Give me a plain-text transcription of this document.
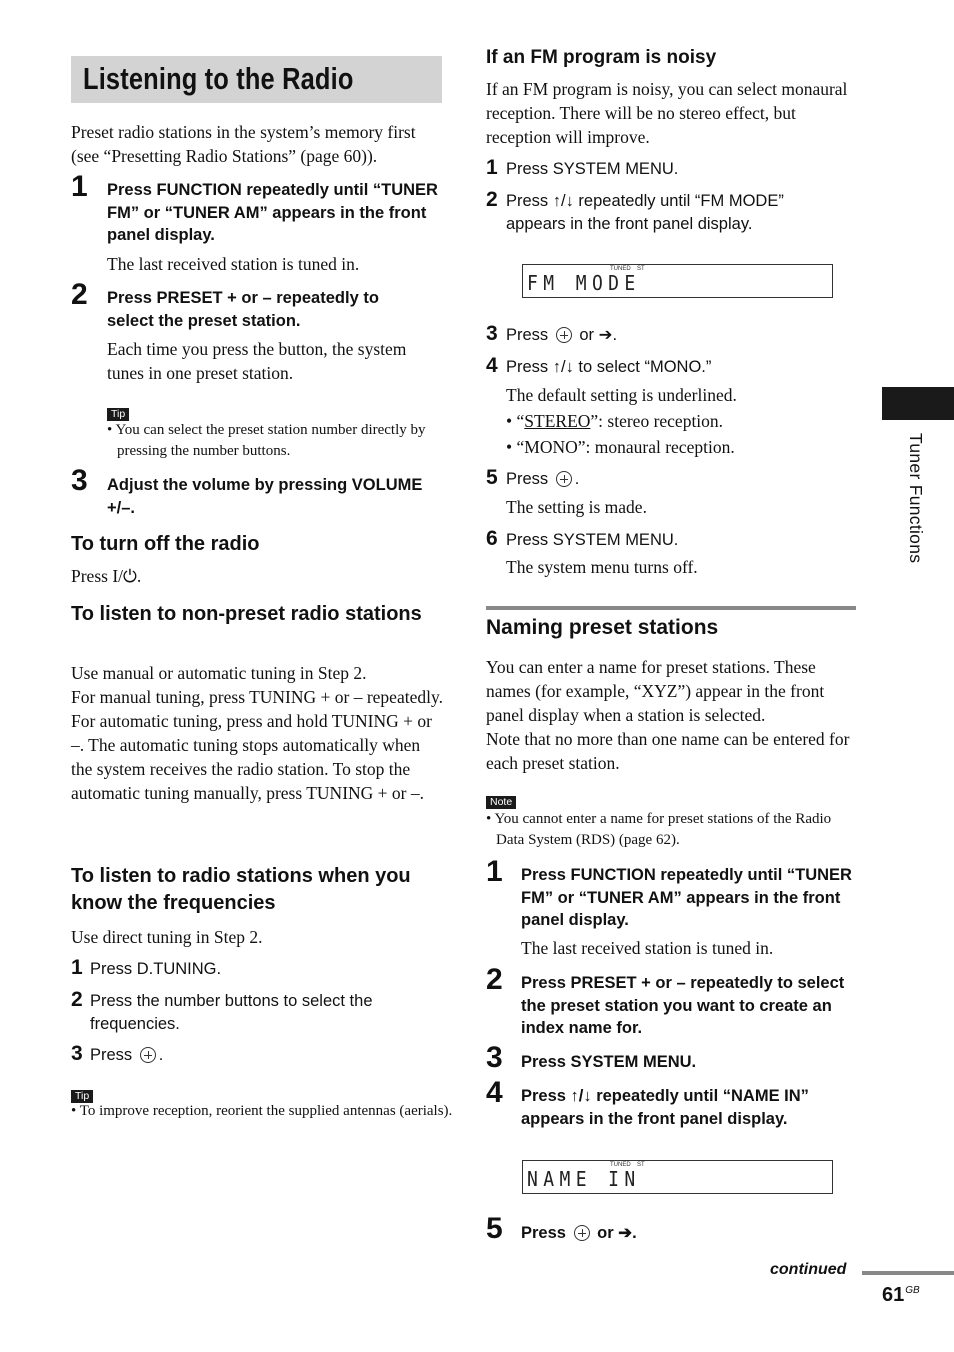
Listening to the Radio
Preset radio stations in the system’s memory first (see “Presetting Radio Stations” (page 60)).
1 Press FUNCTION repeatedly until “TUNER FM” or “TUNER AM” appears in the front panel display.
The last received station is tuned in.
2 Press PRESET + or – repeatedly to select the preset station.
Each time you press the button, the system tunes in one preset station.
Tip
• You can select the preset station number directly by pressing the number buttons.
3 Adjust the volume by pressing VOLUME +/–.
To turn off the radio
Press I/⏻.
To listen to non-preset radio stations
Use manual or automatic tuning in Step 2.
For manual tuning, press TUNING + or – repeatedly.
For automatic tuning, press and hold TUNING + or –. The automatic tuning stops automatically when the system receives the radio station. To stop the automatic tuning manually, press TUNING + or –.
To listen to radio stations when you know the frequencies
Use direct tuning in Step 2.
1 Press D.TUNING.
2 Press the number buttons to select the frequencies.
3 Press .
Tip
• To improve reception, reorient the supplied antennas (aerials).
If an FM program is noisy
If an FM program is noisy, you can select monaural reception. There will be no stereo effect, but reception will improve.
1 Press SYSTEM MENU.
2 Press ↑/↓ repeatedly until “FM MODE” appears in the front panel display.
TUNED ST
FM MODE
3 Press or ➔.
4 Press ↑/↓ to select “MONO.”
The default setting is underlined.
• “STEREO”: stereo reception.
• “MONO”: monaural reception.
5 Press .
The setting is made.
6 Press SYSTEM MENU.
The system menu turns off.
Naming preset stations
You can enter a name for preset stations. These names (for example, “XYZ”) appear in the front panel display when a station is selected.
Note that no more than one name can be entered for each preset station.
Note
• You cannot enter a name for preset stations of the Radio Data System (RDS) (page 62).
1 Press FUNCTION repeatedly until “TUNER FM” or “TUNER AM” appears in the front panel display.
The last received station is tuned in.
2 Press PRESET + or – repeatedly to select the preset station you want to create an index name for.
3 Press SYSTEM MENU.
4 Press ↑/↓ repeatedly until “NAME IN” appears in the front panel display.
TUNED ST
NAME IN
5 Press or ➔.
Tuner Functions
continued
$61^{GB}$
